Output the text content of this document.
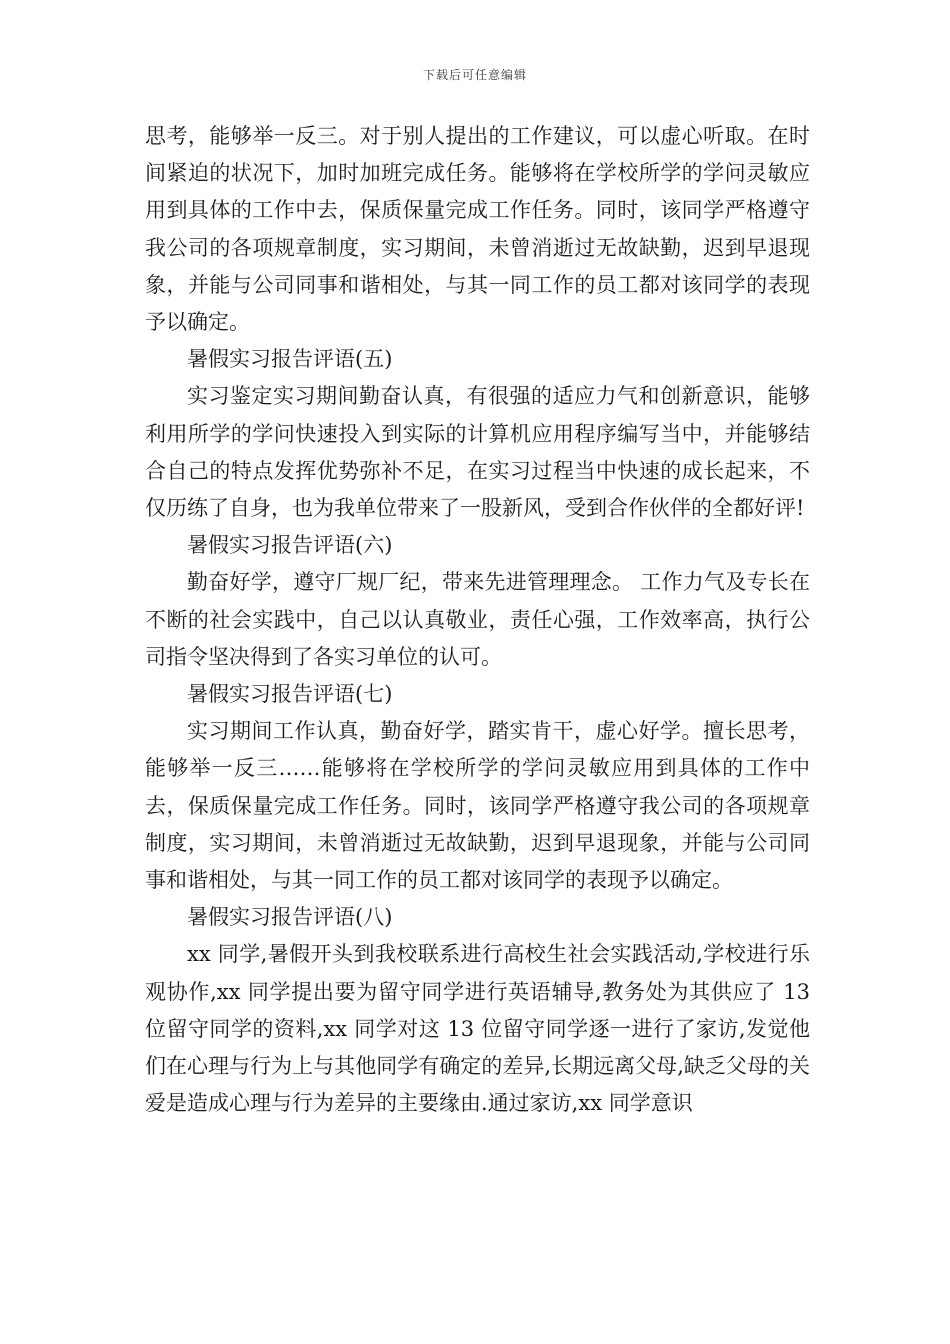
下载后可任意编辑

思考，能够举一反三。对于别人提出的工作建议，可以虚心听取。在时间紧迫的状况下，加时加班完成任务。能够将在学校所学的学问灵敏应用到具体的工作中去，保质保量完成工作任务。同时，该同学严格遵守我公司的各项规章制度，实习期间，未曾消逝过无故缺勤，迟到早退现象，并能与公司同事和谐相处，与其一同工作的员工都对该同学的表现予以确定。

暑假实习报告评语(五)

实习鉴定实习期间勤奋认真，有很强的适应力气和创新意识，能够利用所学的学问快速投入到实际的计算机应用程序编写当中，并能够结合自己的特点发挥优势弥补不足，在实习过程当中快速的成长起来，不仅历练了自身，也为我单位带来了一股新风，受到合作伙伴的全都好评!

暑假实习报告评语(六)

勤奋好学，遵守厂规厂纪，带来先进管理理念。 工作力气及专长在不断的社会实践中，自己以认真敬业，责任心强，工作效率高，执行公司指令坚决得到了各实习单位的认可。

暑假实习报告评语(七)

实习期间工作认真，勤奋好学，踏实肯干，虚心好学。擅长思考，能够举一反三……能够将在学校所学的学问灵敏应用到具体的工作中去，保质保量完成工作任务。同时，该同学严格遵守我公司的各项规章制度，实习期间，未曾消逝过无故缺勤，迟到早退现象，并能与公司同事和谐相处，与其一同工作的员工都对该同学的表现予以确定。

暑假实习报告评语(八)

xx 同学,暑假开头到我校联系进行高校生社会实践活动,学校进行乐观协作,xx 同学提出要为留守同学进行英语辅导,教务处为其供应了 13 位留守同学的资料,xx 同学对这 13 位留守同学逐一进行了家访,发觉他们在心理与行为上与其他同学有确定的差异,长期远离父母,缺乏父母的关爱是造成心理与行为差异的主要缘由.通过家访,xx 同学意识
